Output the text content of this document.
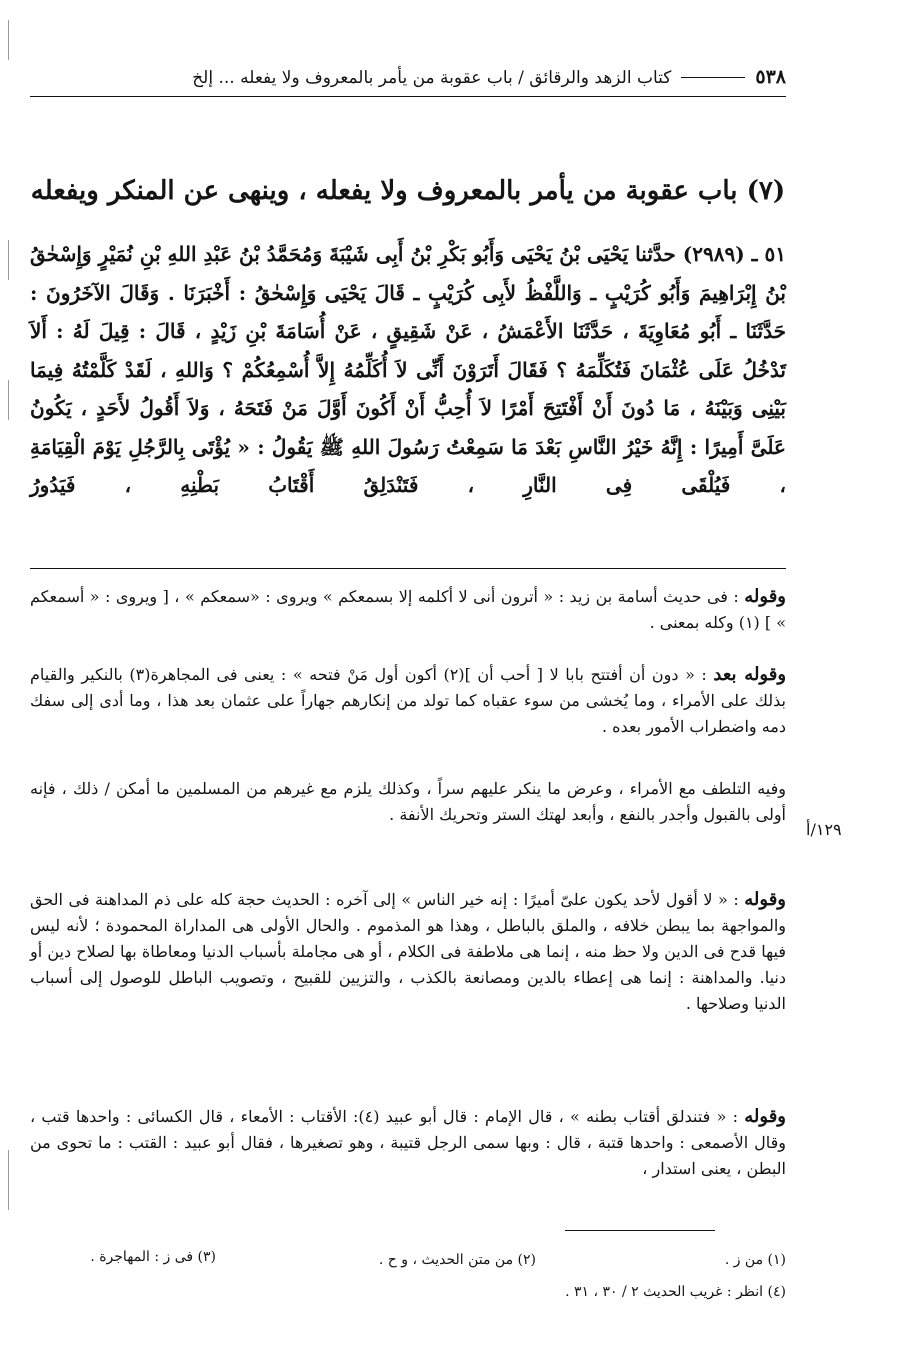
٥٣٨
كتاب الزهد والرقائق / باب عقوبة من يأمر بالمعروف ولا يفعله ... إلخ
(٧) باب عقوبة من يأمر بالمعروف ولا يفعله ، وينهى عن المنكر ويفعله
٥١ ـ (٢٩٨٩) حدَّثنا يَحْيَى بْنُ يَحْيَى وَأَبُو بَكْرِ بْنُ أَبِى شَيْبَةَ وَمُحَمَّدُ بْنُ عَبْدِ اللهِ بْنِ نُمَيْرٍ وَإِسْحٰقُ بْنُ إِبْرَاهِيمَ وَأَبُو كُرَيْبٍ ـ وَاللَّفْظُ لأَبِى كُرَيْبٍ ـ قَالَ يَحْيَى وَإِسْحٰقُ : أَخْبَرَنَا . وَقَالَ الآخَرُونَ : حَدَّثَنَا ـ أَبُو مُعَاوِيَةَ ، حَدَّثَنَا الأَعْمَشُ ، عَنْ شَقِيقٍ ، عَنْ أُسَامَةَ بْنِ زَيْدٍ ، قَالَ : قِيلَ لَهُ : أَلاَ تَدْخُلُ عَلَى عُثْمَانَ فَتُكَلِّمَهُ ؟ فَقَالَ أَتَرَوْنَ أَنِّى لاَ أُكَلِّمُهُ إِلاَّ أُسْمِعُكُمْ ؟ وَاللهِ ، لَقَدْ كَلَّمْتُهُ فِيمَا بَيْنِى وَبَيْنَهُ ، مَا دُونَ أَنْ أَفْتَتِحَ أَمْرًا لاَ أُحِبُّ أَنْ أَكُونَ أَوَّلَ مَنْ فَتَحَهُ ، وَلاَ أَقُولُ لأَحَدٍ ، يَكُونُ عَلَىَّ أَمِيرًا : إِنَّهُ خَيْرُ النَّاسِ بَعْدَ مَا سَمِعْتُ رَسُولَ اللهِ ﷺ يَقُولُ : « يُؤْتَى بِالرَّجُلِ يَوْمَ الْقِيَامَةِ ، فَيُلْقَى فِى النَّارِ ، فَتَنْدَلِقُ أَقْتَابُ بَطْنِهِ ، فَيَدُورُ
وقوله : فى حديث أسامة بن زيد : « أترون أنى لا أكلمه إلا بسمعكم » ويروى : «سمعكم » ، [ ويروى : « أسمعكم » ] (١) وكله بمعنى .
وقوله بعد : « دون أن أفتتح بابا لا [ أحب أن ](٢) أكون أول مَنْ فتحه » : يعنى فى المجاهرة(٣) بالنكير والقيام بذلك على الأمراء ، وما يُخشى من سوء عقباه كما تولد من إنكارهم جهاراً على عثمان بعد هذا ، وما أدى إلى سفك دمه واضطراب الأمور بعده .
وفيه التلطف مع الأمراء ، وعرض ما ينكر عليهم سراً ، وكذلك يلزم مع غيرهم من المسلمين ما أمكن / ذلك ، فإنه أولى بالقبول وأجدر بالنفع ، وأبعد لهتك الستر وتحريك الأنفة .
وقوله : « لا أقول لأحد يكون علىّ أميرًا : إنه خير الناس » إلى آخره : الحديث حجة كله على ذم المداهنة فى الحق والمواجهة بما يبطن خلافه ، والملق بالباطل ، وهذا هو المذموم . والحال الأولى هى المداراة المحمودة ؛ لأنه ليس فيها قدح فى الدين ولا حظ منه ، إنما هى ملاطفة فى الكلام ، أو هى مجاملة بأسباب الدنيا ومعاطاة بها لصلاح دين أو دنيا. والمداهنة : إنما هى إعطاء بالدين ومصانعة بالكذب ، والتزيين للقبيح ، وتصويب الباطل للوصول إلى أسباب الدنيا وصلاحها .
وقوله : « فتندلق أقتاب بطنه » ، قال الإمام : قال أبو عبيد (٤): الأقتاب : الأمعاء ، قال الكسائى : واحدها قتب ، وقال الأصمعى : واحدها قتبة ، قال : وبها سمى الرجل قتيبة ، وهو تصغيرها ، فقال أبو عبيد : القتب : ما تحوى من البطن ، يعنى استدار ،
١٢٩/أ
(١) من ز .
(٢) من متن الحديث ، و ح .
(٣) فى ز : المهاجرة .
(٤) انظر : غريب الحديث ٢ / ٣٠ ، ٣١ .
